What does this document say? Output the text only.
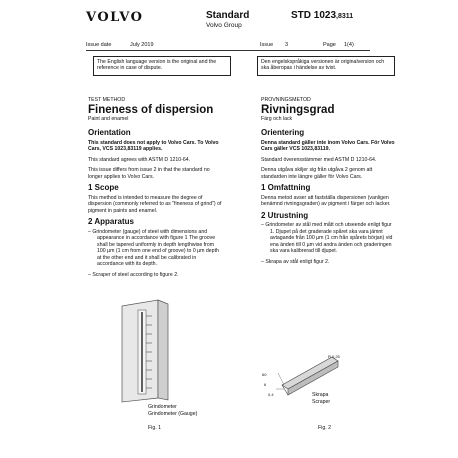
VOLVO	Standard
Volvo Group
STD 1023,8311
Issue date	July 2019	Issue 3	Page 1(4)
The English language version is the original and the reference in case of dispute.
Den engelskspråkiga versionen är originalversion och ska åberopas i händelse av tvist.
TEST METHOD
Fineness of dispersion
Paint and enamel
Orientation

This standard does not apply to Volvo Cars. To Volvo Cars, VCS 1023,83119 applies.

This standard agrees with ASTM D 1210-64.

This issue differs from issue 2 in that the standard no longer applies to Volvo Cars.

1 Scope

This method is intended to measure the degree of dispersion (commonly referred to as "fineness of grind") of pigment in paints and enamel.

2 Apparatus

– Grindometer (gauge) of steel with dimensions and appearance in accordance with figure 1 The groove shall be tapered uniformly in depth lengthwise from 100 µm (1 cm from one end of groove) to 0 µm depth at the other end and it shall be calibrated in accordance with its depth.

– Scraper of steel according to figure 2.

PROVNINGSMETOD
Rivningsgrad
Färg och lack
Orientering

Denna standard gäller inte inom Volvo Cars. För Volvo Cars gäller VCS 1023,83119.

Standard överensstämmer med ASTM D 1210-64.

Denna utgåva skiljer sig från utgåva 2 genom att standarden inte längre gäller för Volvo Cars.

1 Omfattning

Denna metod avser att fastställa dispersionen (vanligen benämnd rivningsgraden) av pigment i färger och lacker.

2 Utrustning

– Grindometer av stål med mått och utseende enligt figur 1. Djupet på det graderade spåret ska vara jämnt avtagande från 100 µm (1 cm från spårets början) vid ena änden till 0 µm vid andra änden och graderingen ska vara kalibrerad till djupet.

– Skrapa av stål enligt figur 2.

Grindometer
Grindometer (Gauge)
Fig. 1
60
R 0,25
6
0,4	Skrapa
Scraper
Fig. 2
